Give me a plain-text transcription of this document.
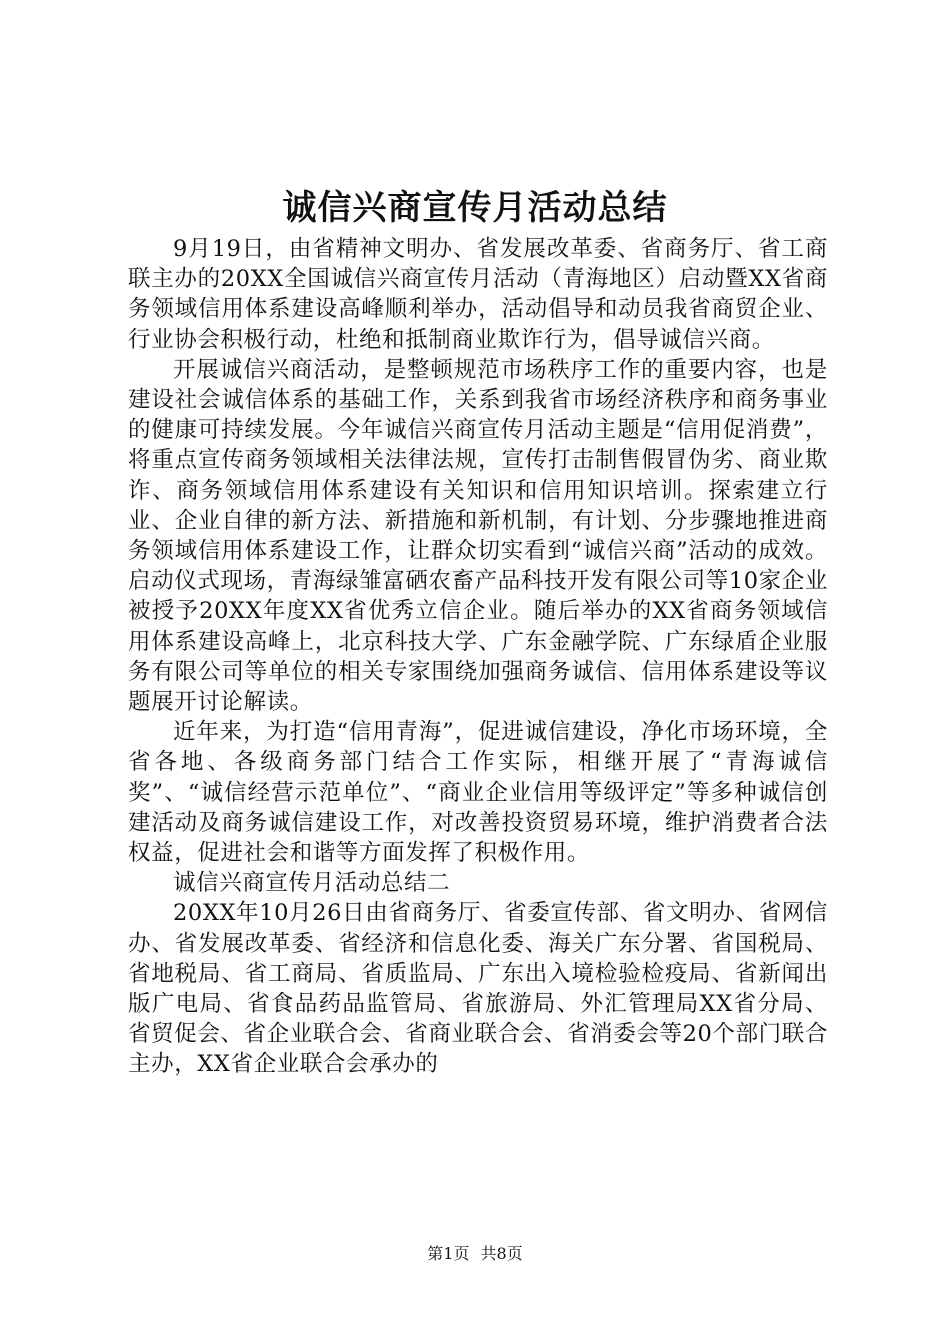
诚信兴商宣传月活动总结

9月19日，由省精神文明办、省发展改革委、省商务厅、省工商联主办的20XX全国诚信兴商宣传月活动（青海地区）启动暨XX省商务领域信用体系建设高峰顺利举办，活动倡导和动员我省商贸企业、行业协会积极行动，杜绝和抵制商业欺诈行为，倡导诚信兴商。

开展诚信兴商活动，是整顿规范市场秩序工作的重要内容，也是建设社会诚信体系的基础工作，关系到我省市场经济秩序和商务事业的健康可持续发展。今年诚信兴商宣传月活动主题是“信用促消费”，将重点宣传商务领域相关法律法规，宣传打击制售假冒伪劣、商业欺诈、商务领域信用体系建设有关知识和信用知识培训。探索建立行业、企业自律的新方法、新措施和新机制，有计划、分步骤地推进商务领域信用体系建设工作，让群众切实看到“诚信兴商”活动的成效。启动仪式现场，青海绿雏富硒农畜产品科技开发有限公司等10家企业被授予20XX年度XX省优秀立信企业。随后举办的XX省商务领域信用体系建设高峰上，北京科技大学、广东金融学院、广东绿盾企业服务有限公司等单位的相关专家围绕加强商务诚信、信用体系建设等议题展开讨论解读。

近年来，为打造“信用青海”，促进诚信建设，净化市场环境，全省各地、各级商务部门结合工作实际，相继开展了“青海诚信奖”、“诚信经营示范单位”、“商业企业信用等级评定”等多种诚信创建活动及商务诚信建设工作，对改善投资贸易环境，维护消费者合法权益，促进社会和谐等方面发挥了积极作用。

诚信兴商宣传月活动总结二

20XX年10月26日由省商务厅、省委宣传部、省文明办、省网信办、省发展改革委、省经济和信息化委、海关广东分署、省国税局、省地税局、省工商局、省质监局、广东出入境检验检疫局、省新闻出版广电局、省食品药品监管局、省旅游局、外汇管理局XX省分局、省贸促会、省企业联合会、省商业联合会、省消委会等20个部门联合主办，XX省企业联合会承办的

第1页 共8页
